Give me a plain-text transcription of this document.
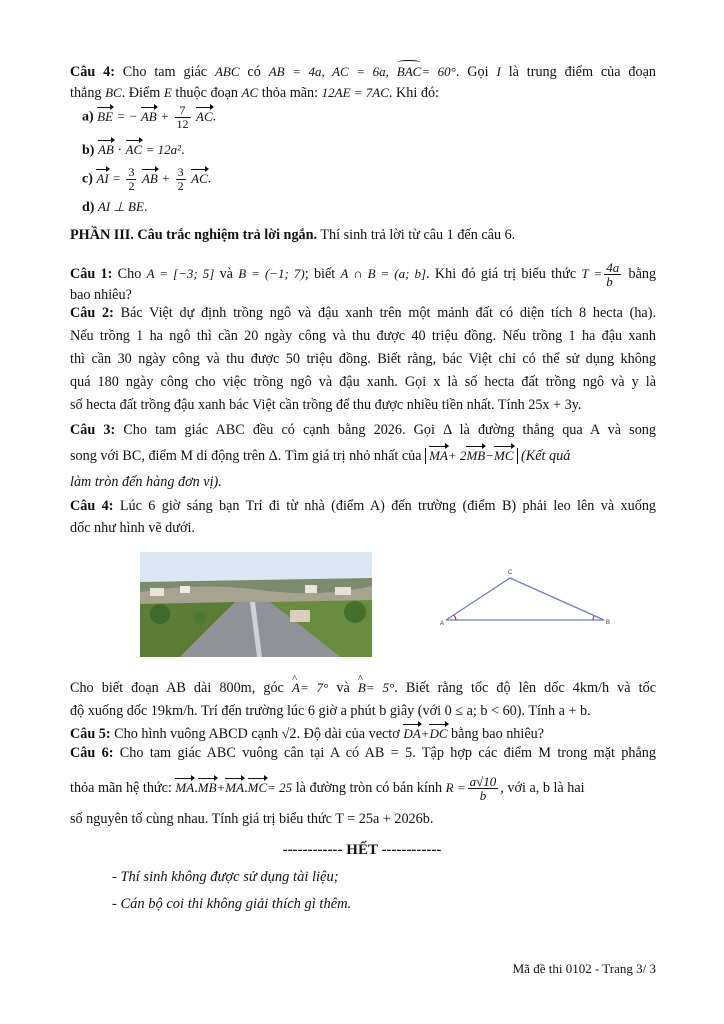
Câu 4: Cho tam giác ABC có AB = 4a, AC = 6a, BAC= 60°. Gọi I là trung điểm của đoạn
thẳng BC. Điểm E thuộc đoạn AC thỏa mãn: 12AE = 7AC. Khi đó:
a) BE = − AB + $\frac{7}{12}$ AC.
b) AB · AC = 12a².
c) AI = $\frac{3}{2}$ AB + $\frac{3}{2}$ AC.
d) AI ⊥ BE.
PHẦN III. Câu trắc nghiệm trả lời ngắn. Thí sinh trả lời từ câu 1 đến câu 6.
Câu 1: Cho A = [−3; 5] và B = (−1; 7); biết A ∩ B = (a; b]. Khi đó giá trị biểu thức $T = \frac{4a}{b}$ bằng
bao nhiêu?
Câu 2: Bác Việt dự định trồng ngô và đậu xanh trên một mảnh đất có diện tích 8 hecta (ha).
Nếu trồng 1 ha ngô thì cần 20 ngày công và thu được 40 triệu đồng. Nếu trồng 1 ha đậu xanh
thì cần 30 ngày công và thu được 50 triệu đồng. Biết rằng, bác Việt chỉ có thể sử dụng không
quá 180 ngày công cho việc trồng ngô và đậu xanh. Gọi x là số hecta đất trồng ngô và y là
số hecta đất trồng đậu xanh bác Việt cần trồng để thu được nhiều tiền nhất. Tính 25x + 3y.
Câu 3: Cho tam giác ABC đều có cạnh bằng 2026. Gọi Δ là đường thẳng qua A và song
song với BC, điểm M di động trên Δ. Tìm giá trị nhỏ nhất của MA+ 2MB−MC (Kết quả
làm tròn đến hàng đơn vị).
Câu 4: Lúc 6 giờ sáng bạn Trí đi từ nhà (điểm A) đến trường (điểm B) phải leo lên và xuống
dốc như hình vẽ dưới.
A	B
C
Cho biết đoạn AB dài 800m, góc ^ A= 7° và ^ B= 5°. Biết rằng tốc độ lên dốc 4km/h và tốc
độ xuống dốc 19km/h. Trí đến trường lúc 6 giờ a phút b giây (với 0 ≤ a; b < 60). Tính a + b.
Câu 5: Cho hình vuông ABCD cạnh √2. Độ dài của vectơ DA+DC bằng bao nhiêu?
Câu 6: Cho tam giác ABC vuông cân tại A có AB = 5. Tập hợp các điểm M trong mặt phẳng
thỏa mãn hệ thức: MA.MB+MA.MC= 25 là đường tròn có bán kính $R = \frac{a√10}{b}$ , với a, b là hai
số nguyên tố cùng nhau. Tính giá trị biểu thức T = 25a + 2026b.
------------ HẾT ------------
- Thí sinh không được sử dụng tài liệu;
- Cán bộ coi thi không giải thích gì thêm.
Mã đề thi 0102 - Trang 3/ 3
